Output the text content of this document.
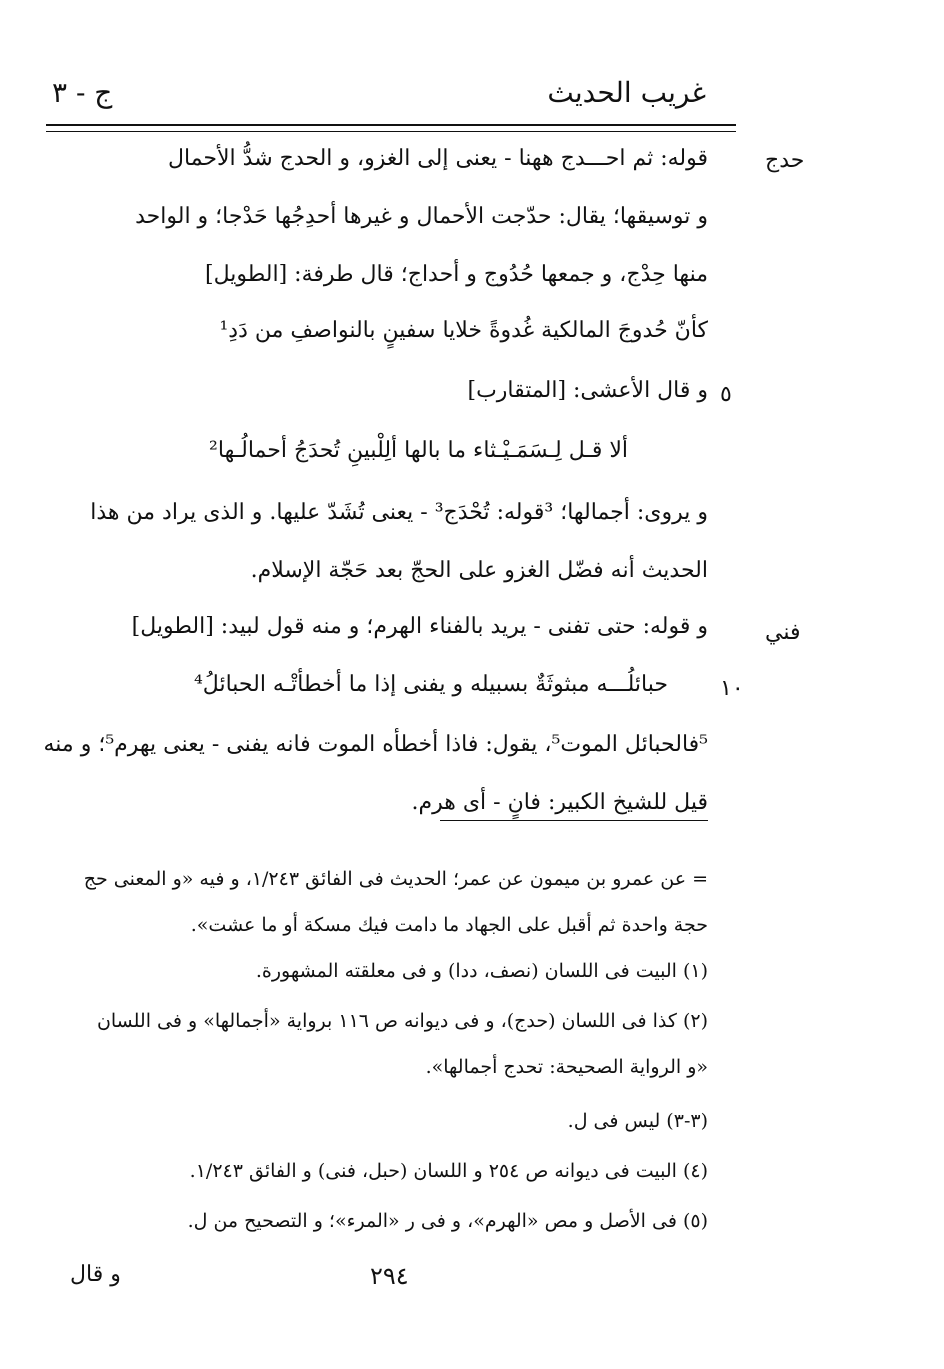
غريب الحديث
ج - ٣
حدج
٥
فني
١٠
قوله: ثم احـــدج ههنا - يعنى إلى الغزو، و الحدج شدُّ الأحمال
و توسيقها؛ يقال: حدّجت الأحمال و غيرها أحدِجُها حَدْجا؛ و الواحد
منها حِدْج، و جمعها حُدُوج و أحداج؛ قال طرفة: [الطويل]
كأنّ حُدوجَ المالكية غُدوةً خلايا سفينٍ بالنواصفِ من دَدِ¹
و قال الأعشى: [المتقارب]
ألا قـل لِـسَمَـيْـثاء ما بالها ألِلْبينِ تُحدَجُ أحمالُـها²
و يروى: أجمالها؛ ³قوله: تُحْدَج³ - يعنى تُشَدّ عليها. و الذى يراد من هذا
الحديث أنه فضّل الغزو على الحجّ بعد حَجّة الإسلام.
و قوله: حتى تفنى - يريد بالفناء الهرم؛ و منه قول لبيد: [الطويل]
حبائلُـــه مبثوثَةٌ بسبيله و يفنى إذا ما أخطأتْـه الحبائلُ⁴
⁵فالحبائل الموت⁵، يقول: فاذا أخطأه الموت فانه يفنى - يعنى يهرم⁵؛ و منه
قيل للشيخ الكبير: فانٍ - أى هرم.
= عن عمرو بن ميمون عن عمر؛ الحديث فى الفائق ١/٢٤٣، و فيه «و المعنى حج
حجة واحدة ثم أقبل على الجهاد ما دامت فيك مسكة أو ما عشت».
(١) البيت فى اللسان (نصف، ددا) و فى معلقته المشهورة.
(٢) كذا فى اللسان (حدج)، و فى ديوانه ص ١١٦ برواية «أجمالها» و فى اللسان
«و الرواية الصحيحة: تحدج أجمالها».
(٣-٣) ليس فى ل.
(٤) البيت فى ديوانه ص ٢٥٤ و اللسان (حبل، فنى) و الفائق ١/٢٤٣.
(٥) فى الأصل و مص «الهرم»، و فى ر «المرء»؛ و التصحيح من ل.
٢٩٤
و قال
